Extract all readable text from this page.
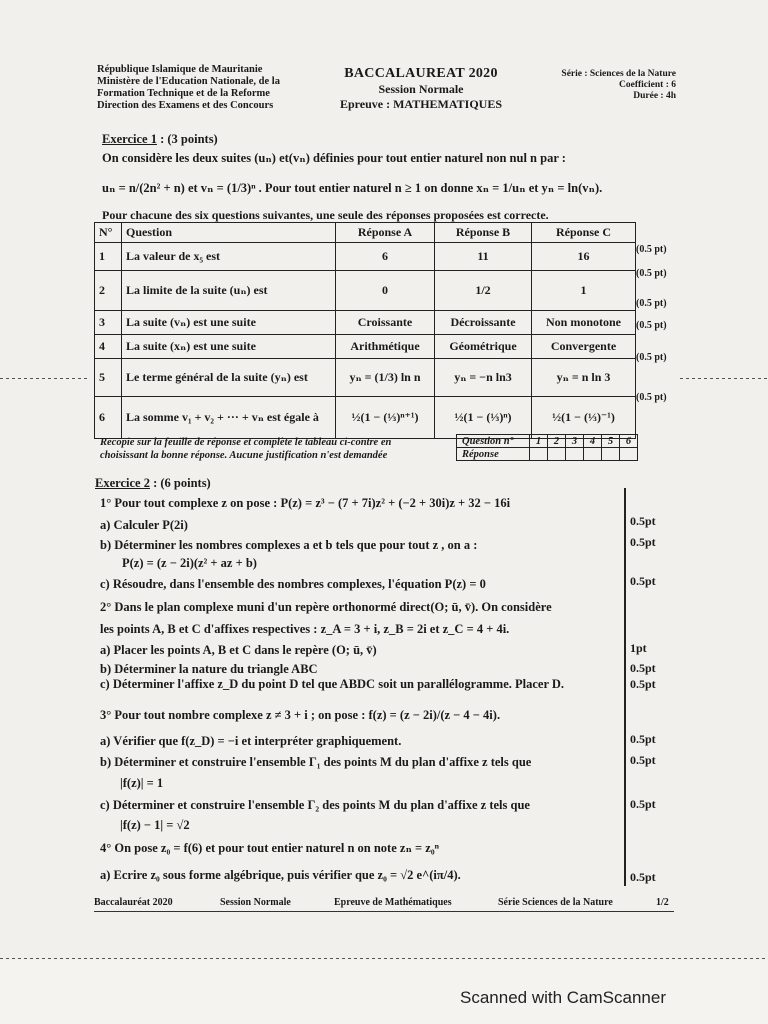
République Islamique de Mauritanie
Ministère de l'Education Nationale, de la
Formation Technique et de la Reforme
Direction des Examens et des Concours
BACCALAUREAT 2020
Session Normale
Epreuve : MATHEMATIQUES
Série : Sciences de la Nature
Coefficient : 6
Durée : 4h
Exercice 1 : (3 points)
On considère les deux suites (uₙ) et(vₙ) définies pour tout entier naturel non nul n par :
uₙ = n/(2n² + n) et vₙ = (1/3)ⁿ . Pour tout entier naturel n ≥ 1 on donne xₙ = 1/uₙ et yₙ = ln(vₙ).
Pour chacune des six questions suivantes, une seule des réponses proposées est correcte.
N°	Question	Réponse A	Réponse B	Réponse C
1	La valeur de x₅ est	6	11	16
2	La limite de la suite (uₙ) est	0	1/2	1
3	La suite (vₙ) est une suite	Croissante	Décroissante	Non monotone
4	La suite (xₙ) est une suite	Arithmétique	Géométrique	Convergente
5	Le terme général de la suite (yₙ) est	yₙ = (1/3) ln n	yₙ = −n ln3	yₙ = n ln 3
6	La somme v₁ + v₂ + ··· + vₙ est égale à	½(1 − (⅓)ⁿ⁺¹)	½(1 − (⅓)ⁿ)	½(1 − (⅓)⁻¹)
(0.5 pt)
(0.5 pt)
(0.5 pt)
(0.5 pt)
(0.5 pt)
(0.5 pt)
Recopie sur la feuille de réponse et complète le tableau ci-contre en
choisissant la bonne réponse. Aucune justification n'est demandée
Question n°	1	2	3	4	5	6
Réponse						
Exercice 2 : (6 points)
1° Pour tout complexe z on pose : P(z) = z³ − (7 + 7i)z² + (−2 + 30i)z + 32 − 16i
a) Calculer P(2i)	0.5pt
b) Déterminer les nombres complexes a et b tels que pour tout z , on a :	0.5pt
P(z) = (z − 2i)(z² + az + b)
c) Résoudre, dans l'ensemble des nombres complexes, l'équation P(z) = 0	0.5pt
2° Dans le plan complexe muni d'un repère orthonormé direct(O; ū, v̄). On considère
les points A, B et C d'affixes respectives : z_A = 3 + i, z_B = 2i et z_C = 4 + 4i.
a) Placer les points A, B et C dans le repère (O; ū, v̄)	1pt
b) Déterminer la nature du triangle ABC	0.5pt
c) Déterminer l'affixe z_D du point D tel que ABDC soit un parallélogramme. Placer D.	0.5pt
3° Pour tout nombre complexe z ≠ 3 + i ; on pose : f(z) = (z − 2i)/(z − 4 − 4i).
a) Vérifier que f(z_D) = −i et interpréter graphiquement.	0.5pt
b) Déterminer et construire l'ensemble Γ₁ des points M du plan d'affixe z tels que	0.5pt
|f(z)| = 1
c) Déterminer et construire l'ensemble Γ₂ des points M du plan d'affixe z tels que	0.5pt
|f(z) − 1| = √2
4° On pose z₀ = f(6) et pour tout entier naturel n on note zₙ = z₀ⁿ
a) Ecrire z₀ sous forme algébrique, puis vérifier que z₀ = √2 e^(iπ/4).	0.5pt
Baccalauréat 2020	Session Normale	Epreuve de Mathématiques	Série Sciences de la Nature	1/2
Scanned with CamScanner
